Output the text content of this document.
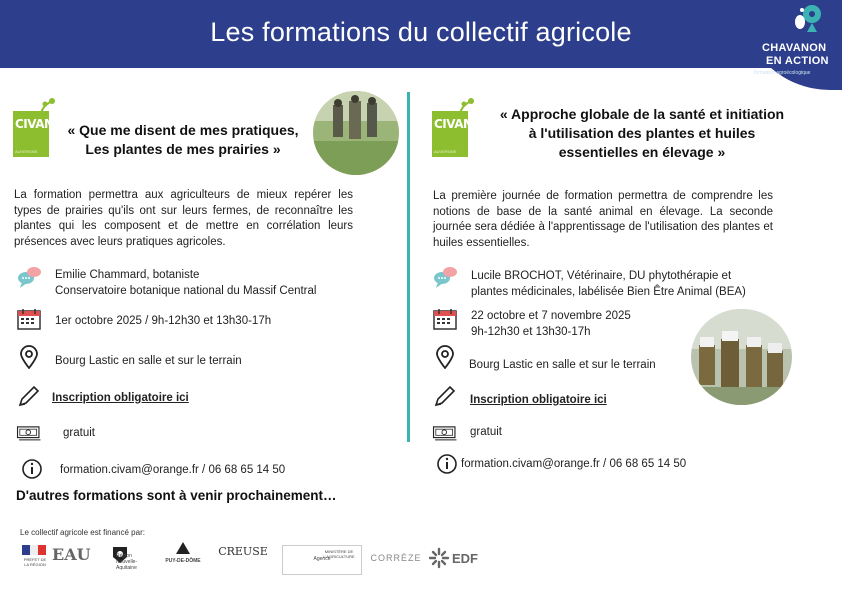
Les formations du collectif agricole
CHAVANON
EN ACTION
formation agroécologique
CIVAM
AUVERGNE
« Que me disent de mes pratiques,
Les plantes de mes prairies »
La formation permettra aux agriculteurs de mieux repérer les types de prairies qu'ils ont sur leurs fermes, de reconnaître les plantes qui les composent et de mettre en corrélation leurs présences avec leurs pratiques agricoles.
Emilie Chammard, botaniste
Conservatoire botanique national du Massif Central
1er octobre 2025 / 9h-12h30 et 13h30-17h
Bourg Lastic en salle et sur le terrain
Inscription obligatoire ici
gratuit
formation.civam@orange.fr / 06 68 65 14 50
CIVAM
AUVERGNE
« Approche globale de la santé et initiation
à l'utilisation des plantes et huiles
essentielles en élevage »
La première journée de formation permettra de comprendre les notions de base de la santé animal en élevage. La seconde journée sera dédiée à l'apprentissage de l'utilisation des plantes et huiles essentielles.
Lucile BROCHOT, Vétérinaire, DU phytothérapie et
plantes médicinales, labélisée Bien Être Animal (BEA)
22 octobre et 7 novembre 2025
9h-12h30 et 13h30-17h
Bourg Lastic en salle et sur le terrain
Inscription obligatoire ici
gratuit
formation.civam@orange.fr / 06 68 65 14 50
D'autres formations sont à venir prochainement…
Le collectif agricole est financé par:
PRÉFET DE LA RÉGION
EAU	Région Nouvelle-Aquitaine
PUY-DE-DÔME
CREUSE
Agence
MINISTÈRE DE L'AGRICULTURE	CORRÈZE EDF
